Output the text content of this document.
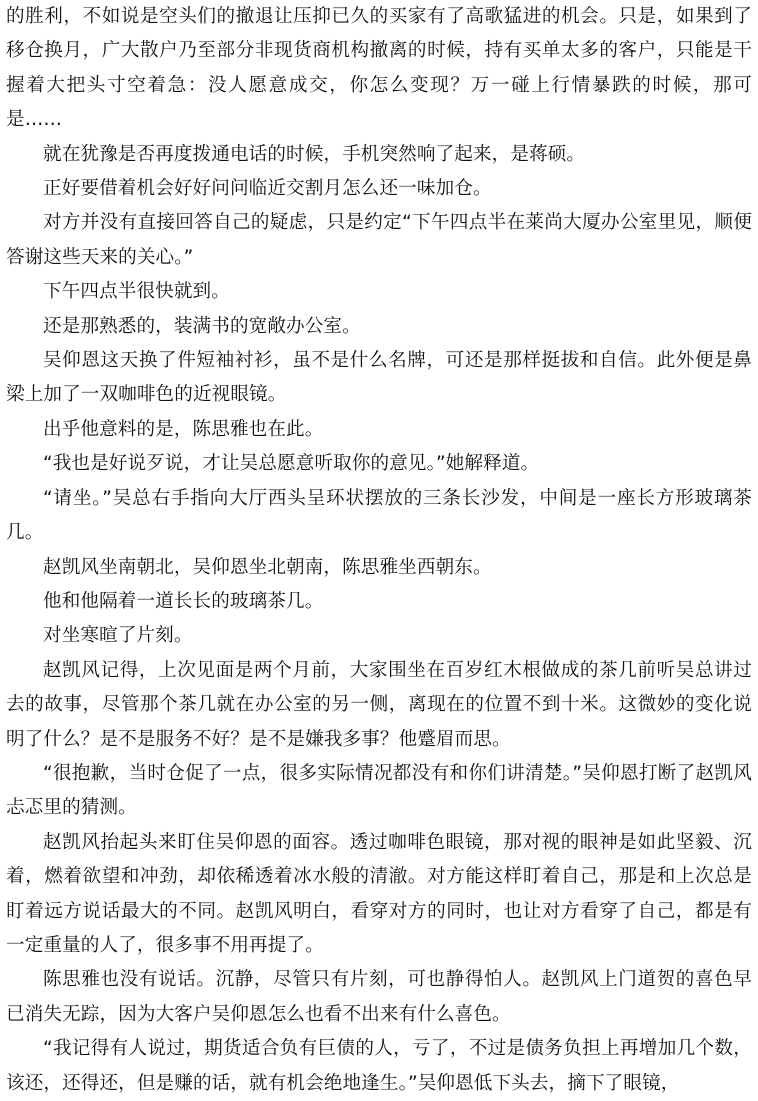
的胜利，不如说是空头们的撤退让压抑已久的买家有了高歌猛进的机会。只是，如果到了移仓换月，广大散户乃至部分非现货商机构撤离的时候，持有买单太多的客户，只能是干握着大把头寸空着急：没人愿意成交，你怎么变现？万一碰上行情暴跌的时候，那可是……

就在犹豫是否再度拨通电话的时候，手机突然响了起来，是蒋硕。

正好要借着机会好好问问临近交割月怎么还一味加仓。

对方并没有直接回答自己的疑虑，只是约定“下午四点半在莱尚大厦办公室里见，顺便答谢这些天来的关心。”

下午四点半很快就到。

还是那熟悉的，装满书的宽敞办公室。

吴仰恩这天换了件短袖衬衫，虽不是什么名牌，可还是那样挺拔和自信。此外便是鼻梁上加了一双咖啡色的近视眼镜。

出乎他意料的是，陈思雅也在此。

“我也是好说歹说，才让吴总愿意听取你的意见。”她解释道。

“请坐。”吴总右手指向大厅西头呈环状摆放的三条长沙发，中间是一座长方形玻璃茶几。

赵凯风坐南朝北，吴仰恩坐北朝南，陈思雅坐西朝东。

他和他隔着一道长长的玻璃茶几。

对坐寒暄了片刻。

赵凯风记得，上次见面是两个月前，大家围坐在百岁红木根做成的茶几前听吴总讲过去的故事，尽管那个茶几就在办公室的另一侧，离现在的位置不到十米。这微妙的变化说明了什么？是不是服务不好？是不是嫌我多事？他蹙眉而思。

“很抱歉，当时仓促了一点，很多实际情况都没有和你们讲清楚。”吴仰恩打断了赵凯风忐忑里的猜测。

赵凯风抬起头来盯住吴仰恩的面容。透过咖啡色眼镜，那对视的眼神是如此坚毅、沉着，燃着欲望和冲劲，却依稀透着冰水般的清澈。对方能这样盯着自己，那是和上次总是盯着远方说话最大的不同。赵凯风明白，看穿对方的同时，也让对方看穿了自己，都是有一定重量的人了，很多事不用再提了。

陈思雅也没有说话。沉静，尽管只有片刻，可也静得怕人。赵凯风上门道贺的喜色早已消失无踪，因为大客户吴仰恩怎么也看不出来有什么喜色。

“我记得有人说过，期货适合负有巨债的人，亏了，不过是债务负担上再增加几个数，该还，还得还，但是赚的话，就有机会绝地逢生。”吴仰恩低下头去，摘下了眼镜，
